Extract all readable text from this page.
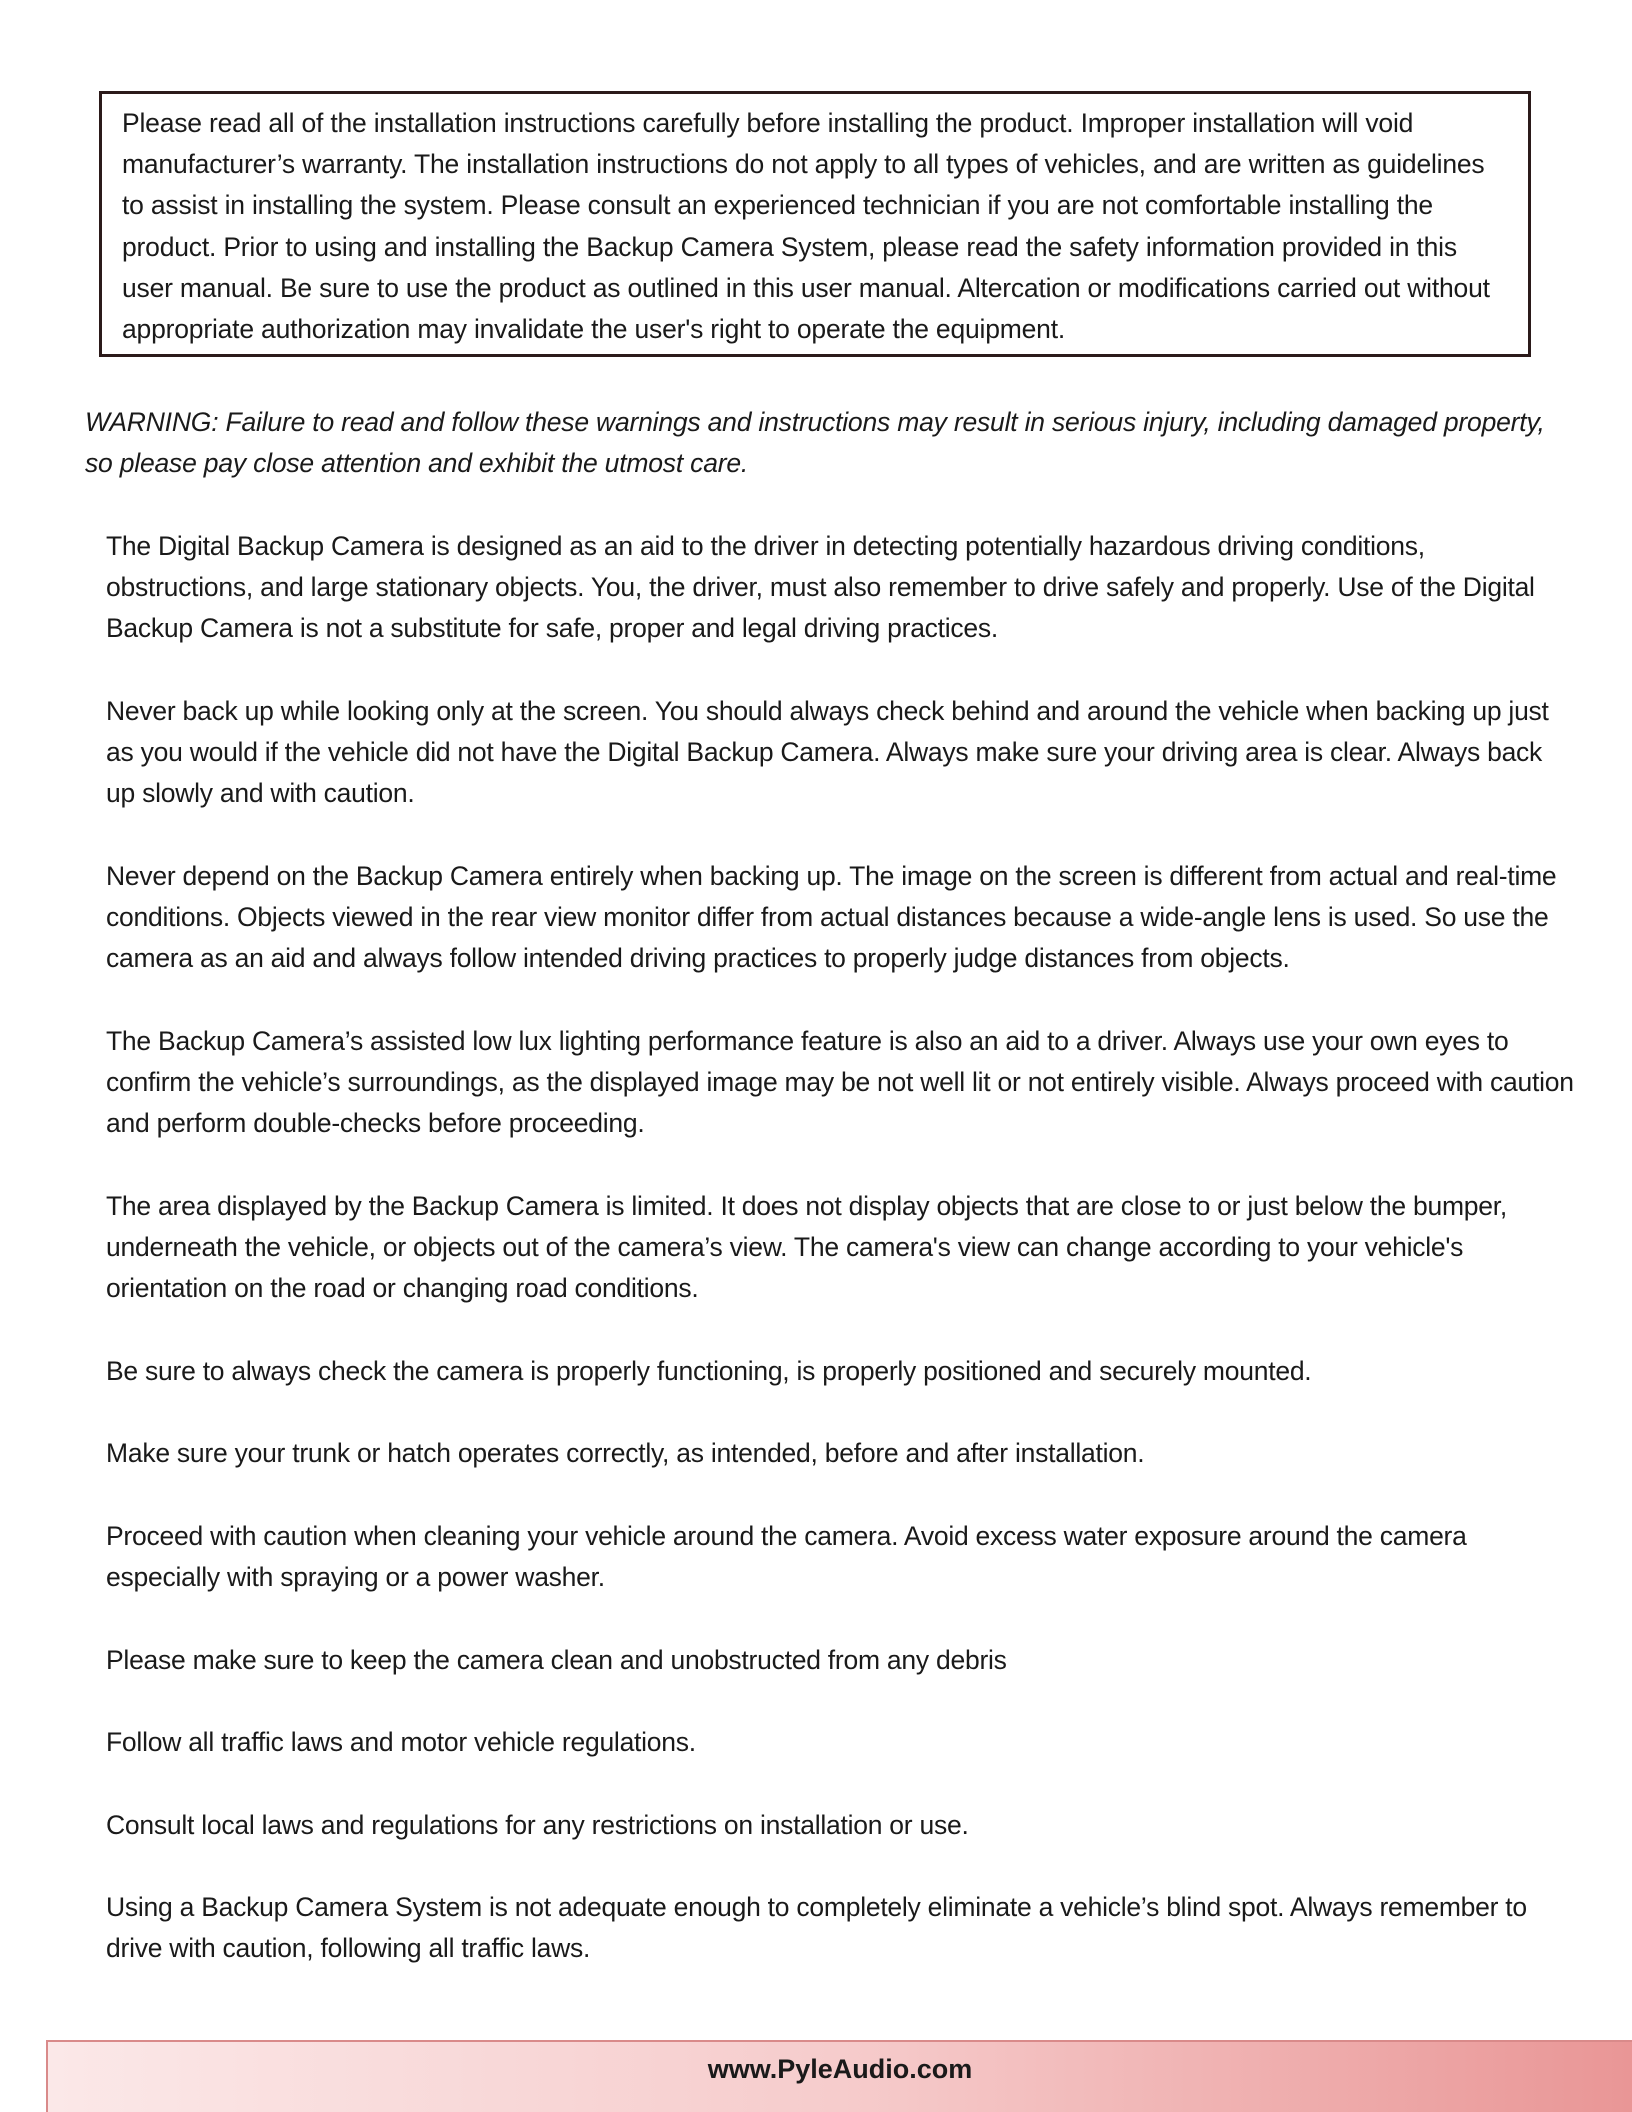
Please read all of the installation instructions carefully before installing the product. Improper installation will void manufacturer’s warranty. The installation instructions do not apply to all types of vehicles, and are written as guidelines to assist in installing the system. Please consult an experienced technician if you are not comfortable installing the product. Prior to using and installing the Backup Camera System, please read the safety information provided in this user manual. Be sure to use the product as outlined in this user manual. Altercation or modifications carried out without appropriate authorization may invalidate the user's right to operate the equipment.

WARNING: Failure to read and follow these warnings and instructions may result in serious injury, including damaged property, so please pay close attention and exhibit the utmost care.

The Digital Backup Camera is designed as an aid to the driver in detecting potentially hazardous driving conditions, obstructions, and large stationary objects. You, the driver, must also remember to drive safely and properly. Use of the Digital Backup Camera is not a substitute for safe, proper and legal driving practices.

Never back up while looking only at the screen. You should always check behind and around the vehicle when backing up just as you would if the vehicle did not have the Digital Backup Camera. Always make sure your driving area is clear. Always back up slowly and with caution.

Never depend on the Backup Camera entirely when backing up. The image on the screen is different from actual and real-time conditions. Objects viewed in the rear view monitor differ from actual distances because a wide-angle lens is used. So use the camera as an aid and always follow intended driving practices to properly judge distances from objects.

The Backup Camera’s assisted low lux lighting performance feature is also an aid to a driver. Always use your own eyes to confirm the vehicle’s surroundings, as the displayed image may be not well lit or not entirely visible. Always proceed with caution and perform double-checks before proceeding.

The area displayed by the Backup Camera is limited. It does not display objects that are close to or just below the bumper, underneath the vehicle, or objects out of the camera’s view. The camera's view can change according to your vehicle's orientation on the road or changing road conditions.

Be sure to always check the camera is properly functioning, is properly positioned and securely mounted.

Make sure your trunk or hatch operates correctly, as intended, before and after installation.

Proceed with caution when cleaning your vehicle around the camera. Avoid excess water exposure around the camera especially with spraying or a power washer.

Please make sure to keep the camera clean and unobstructed from any debris

Follow all traffic laws and motor vehicle regulations.

Consult local laws and regulations for any restrictions on installation or use.

Using a Backup Camera System is not adequate enough to completely eliminate a vehicle’s blind spot. Always remember to drive with caution, following all traffic laws.

www.PyleAudio.com
